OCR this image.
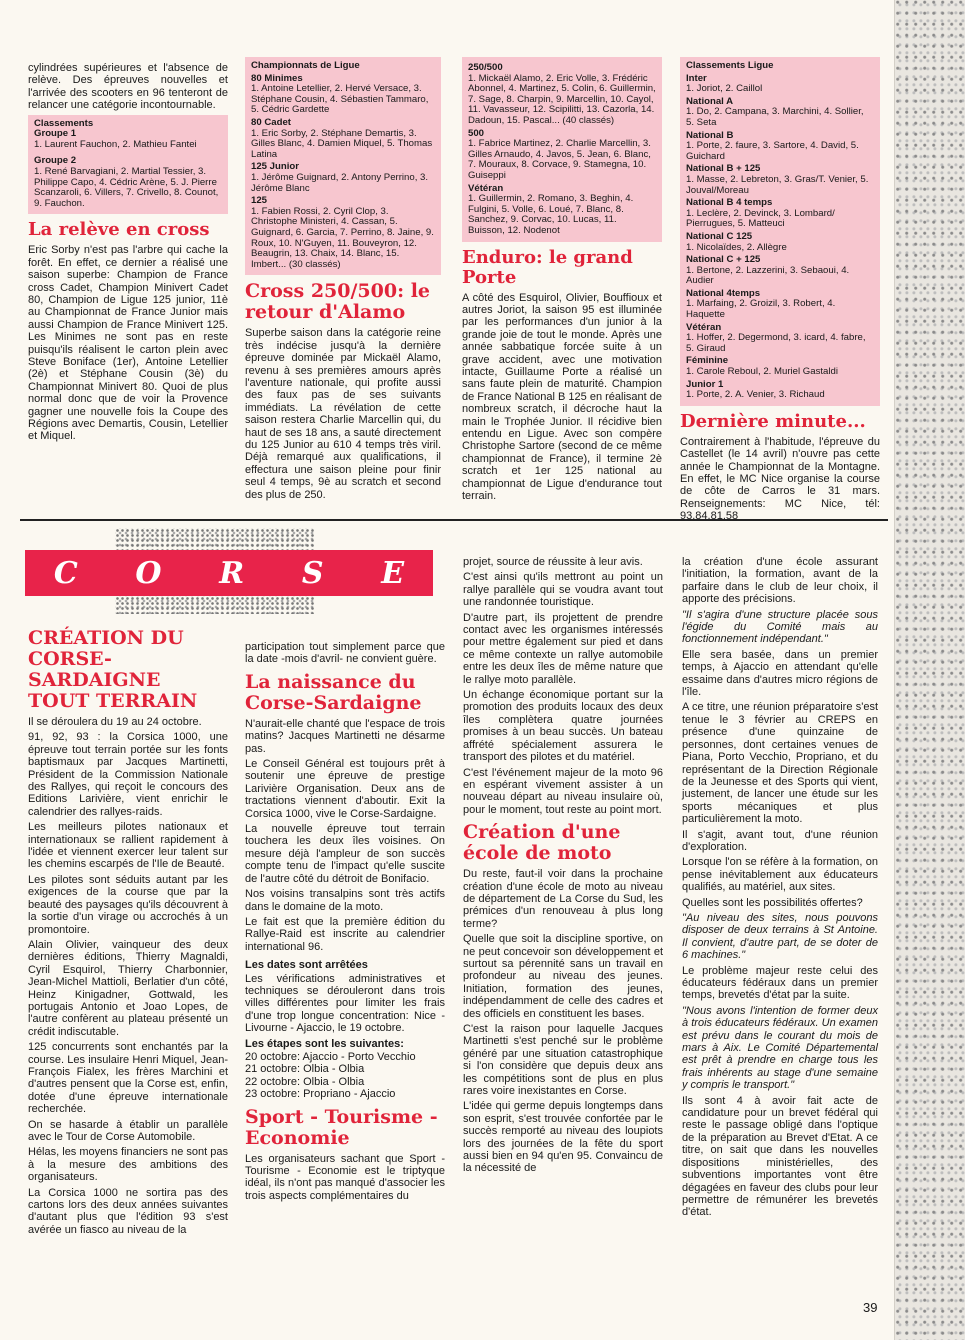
cylindrées supérieures et l'absence de relève. Des épreuves nouvelles et l'arrivée des scooters en 96 tenteront de relancer une catégorie incontournable.

Classements
Groupe 1
1. Laurent Fauchon, 2. Mathieu Fantei
Groupe 2
1. René Barvagiani, 2. Martial Tessier, 3. Philippe Capo, 4. Cédric Arène, 5. J. Pierre Scanzaroli, 6. Villers, 7. Crivello, 8. Counot, 9. Fauchon.
La relève en cross

Eric Sorby n'est pas l'arbre qui cache la forêt. En effet, ce dernier a réalisé une saison superbe: Champion de France cross Cadet, Champion Minivert Cadet 80, Champion de Ligue 125 junior, 11è au Championnat de France Junior mais aussi Champion de France Minivert 125. Les Minimes ne sont pas en reste puisqu'ils réalisent le carton plein avec Steve Boniface (1er), Antoine Letellier (2è) et Stéphane Cousin (3è) du Championnat Minivert 80. Quoi de plus normal donc que de voir la Provence gagner une nouvelle fois la Coupe des Régions avec Demartis, Cousin, Letellier et Miquel.

Championnats de Ligue
80 Minimes
1. Antoine Letellier, 2. Hervé Versace, 3. Stéphane Cousin, 4. Sébastien Tammaro, 5. Cédric Gardette
80 Cadet
1. Eric Sorby, 2. Stéphane Demartis, 3. Gilles Blanc, 4. Damien Miquel, 5. Thomas Latina
125 Junior
1. Jérôme Guignard, 2. Antony Perrino, 3. Jérôme Blanc
125
1. Fabien Rossi, 2. Cyril Clop, 3. Christophe Ministeri, 4. Cassan, 5. Guignard, 6. Garcia, 7. Perrino, 8. Jaine, 9. Roux, 10. N'Guyen, 11. Bouveyron, 12. Beaugrin, 13. Chaix, 14. Blanc, 15. Imbert... (30 classés)
Cross 250/500: le retour d'Alamo

Superbe saison dans la catégorie reine très indécise jusqu'à la dernière épreuve dominée par Mickaël Alamo, revenu à ses premières amours après l'aventure nationale, qui profite aussi des faux pas de ses suivants immédiats. La révélation de cette saison restera Charlie Marcellin qui, du haut de ses 18 ans, a sauté directement du 125 Junior au 610 4 temps très viril. Déjà remarqué aux qualifications, il effectura une saison pleine pour finir seul 4 temps, 9è au scratch et second des plus de 250.

250/500
1. Mickaël Alamo, 2. Eric Volle, 3. Frédéric Abonnel, 4. Martinez, 5. Colin, 6. Guillermin, 7. Sage, 8. Charpin, 9. Marcellin, 10. Cayol, 11. Vavasseur, 12. Scipilitti, 13. Cazorla, 14. Dadoun, 15. Pascal... (40 classés)
500
1. Fabrice Martinez, 2. Charlie Marcellin, 3. Gilles Arnaudo, 4. Javos, 5. Jean, 6. Blanc, 7. Mouraux, 8. Corvace, 9. Stamegna, 10. Guiseppi
Vétéran
1. Guillermin, 2. Romano, 3. Beghin, 4. Fulgini, 5. Volle, 6. Loué, 7. Blanc, 8. Sanchez, 9. Corvac, 10. Lucas, 11. Buisson, 12. Nodenot
Enduro: le grand Porte

A côté des Esquirol, Olivier, Bouffioux et autres Joriot, la saison 95 est illuminée par les performances d'un junior à la grande joie de tout le monde. Après une année sabbatique forcée suite à un grave accident, avec une motivation intacte, Guillaume Porte a réalisé un sans faute plein de maturité. Champion de France National B 125 en réalisant de nombreux scratch, il décroche haut la main le Trophée Junior. Il récidive bien entendu en Ligue. Avec son compère Christophe Sartore (second de ce même championnat de France), il termine 2è scratch et 1er 125 national au championnat de Ligue d'endurance tout terrain.

Classements Ligue
Inter
1. Joriot, 2. Caillol
National A
1. Do, 2. Campana, 3. Marchini, 4. Sollier, 5. Seta
National B
1. Porte, 2. faure, 3. Sartore, 4. David, 5. Guichard
National B + 125
1. Masse, 2. Lebreton, 3. Gras/T. Venier, 5. Jouval/Moreau
National B 4 temps
1. Leclère, 2. Devinck, 3. Lombard/ Pierrugues, 5. Matteuci
National C 125
1. Nicolaïdes, 2. Allègre
National C + 125
1. Bertone, 2. Lazzerini, 3. Sebaoui, 4. Audier
National 4temps
1. Marfaing, 2. Groizil, 3. Robert, 4. Haquette
Vétéran
1. Hoffer, 2. Degermond, 3. icard, 4. fabre, 5. Giraud
Féminine
1. Carole Reboul, 2. Muriel Gastaldi
Junior 1
1. Porte, 2. A. Venier, 3. Richaud
Dernière minute...

Contrairement à l'habitude, l'épreuve du Castellet (le 14 avril) n'ouvre pas cette année le Championnat de la Montagne. En effet, le MC Nice organise la course de côte de Carros le 31 mars. Renseignements: MC Nice, tél: 93.84.81.58

C O R S E
CRÉATION DU CORSE-SARDAIGNE TOUT TERRAIN

Il se déroulera du 19 au 24 octobre.

91, 92, 93 : la Corsica 1000, une épreuve tout terrain portée sur les fonts baptismaux par Jacques Martinetti, Président de la Commission Nationale des Rallyes, qui reçoit le concours des Editions Larivière, vient enrichir le calendrier des rallyes-raids.

Les meilleurs pilotes nationaux et internationaux se rallient rapidement à l'idée et viennent exercer leur talent sur les chemins escarpés de l'Ile de Beauté.

Les pilotes sont séduits autant par les exigences de la course que par la beauté des paysages qu'ils découvrent à la sortie d'un virage ou accrochés à un promontoire.

Alain Olivier, vainqueur des deux dernières éditions, Thierry Magnaldi, Cyril Esquirol, Thierry Charbonnier, Jean-Michel Mattioli, Berlatier d'un côté, Heinz Kinigadner, Gottwald, les portugais Antonio et Joao Lopes, de l'autre confèrent au plateau présenté un crédit indiscutable.

125 concurrents sont enchantés par la course. Les insulaire Henri Miquel, Jean-François Fialex, les frères Marchini et d'autres pensent que la Corse est, enfin, dotée d'une épreuve internationale recherchée.

On se hasarde à établir un parallèle avec le Tour de Corse Automobile.

Hélas, les moyens financiers ne sont pas à la mesure des ambitions des organisateurs.

La Corsica 1000 ne sortira pas des cartons lors des deux années suivantes d'autant plus que l'édition 93 s'est avérée un fiasco au niveau de la

participation tout simplement parce que la date -mois d'avril- ne convient guère.

La naissance du Corse-Sardaigne

N'aurait-elle chanté que l'espace de trois matins? Jacques Martinetti ne désarme pas.

Le Conseil Général est toujours prêt à soutenir une épreuve de prestige Larivière Organisation. Deux ans de tractations viennent d'aboutir. Exit la Corsica 1000, vive le Corse-Sardaigne.

La nouvelle épreuve tout terrain touchera les deux îles voisines. On mesure déjà l'ampleur de son succès compte tenu de l'impact qu'elle suscite de l'autre côté du détroit de Bonifacio.

Nos voisins transalpins sont très actifs dans le domaine de la moto.

Le fait est que la première édition du Rallye-Raid est inscrite au calendrier international 96.

Les dates sont arrêtées

Les vérifications administratives et techniques se dérouleront dans trois villes différentes pour limiter les frais d'une trop longue concentration: Nice - Livourne - Ajaccio, le 19 octobre.

Les étapes sont les suivantes:
20 octobre: Ajaccio - Porto Vecchio
21 octobre: Olbia - Olbia
22 octobre: Olbia - Olbia
23 octobre: Propriano - Ajaccio
Sport - Tourisme - Economie

Les organisateurs sachant que Sport - Tourisme - Economie est le triptyque idéal, ils n'ont pas manqué d'associer les trois aspects complémentaires du

projet, source de réussite à leur avis.

C'est ainsi qu'ils mettront au point un rallye parallèle qui se voudra avant tout une randonnée touristique.

D'autre part, ils projettent de prendre contact avec les organismes intéressés pour mettre également sur pied et dans ce même contexte un rallye automobile entre les deux îles de même nature que le rallye moto parallèle.

Un échange économique portant sur la promotion des produits locaux des deux îles complètera quatre journées promises à un beau succès. Un bateau affrété spécialement assurera le transport des pilotes et du matériel.

C'est l'événement majeur de la moto 96 en espérant vivement assister à un nouveau départ au niveau insulaire où, pour le moment, tout reste au point mort.

Création d'une école de moto

Du reste, faut-il voir dans la prochaine création d'une école de moto au niveau de département de La Corse du Sud, les prémices d'un renouveau à plus long terme?

Quelle que soit la discipline sportive, on ne peut concevoir son développement et surtout sa pérennité sans un travail en profondeur au niveau des jeunes. Initiation, formation des jeunes, indépendamment de celle des cadres et des officiels en constituent les bases.

C'est la raison pour laquelle Jacques Martinetti s'est penché sur le problème généré par une situation catastrophique si l'on considère que depuis deux ans les compétitions sont de plus en plus rares voire inexistantes en Corse.

L'idée qui germe depuis longtemps dans son esprit, s'est trouvée confortée par le succès remporté au niveau des loupiots lors des journées de la fête du sport aussi bien en 94 qu'en 95. Convaincu de la nécessité de

la création d'une école assurant l'initiation, la formation, avant de la parfaire dans le club de leur choix, il apporte des précisions.

"Il s'agira d'une structure placée sous l'égide du Comité mais au fonctionnement indépendant."

Elle sera basée, dans un premier temps, à Ajaccio en attendant qu'elle essaime dans d'autres micro régions de l'île.

A ce titre, une réunion préparatoire s'est tenue le 3 février au CREPS en présence d'une quinzaine de personnes, dont certaines venues de Piana, Porto Vecchio, Propriano, et du représentant de la Direction Régionale de la Jeunesse et des Sports qui vient, justement, de lancer une étude sur les sports mécaniques et plus particulièrement la moto.

Il s'agit, avant tout, d'une réunion d'exploration.

Lorsque l'on se réfère à la formation, on pense inévitablement aux éducateurs qualifiés, au matériel, aux sites.

Quelles sont les possibilités offertes?

"Au niveau des sites, nous pouvons disposer de deux terrains à St Antoine. Il convient, d'autre part, de se doter de 6 machines."

Le problème majeur reste celui des éducateurs fédéraux dans un premier temps, brevetés d'état par la suite.

"Nous avons l'intention de former deux à trois éducateurs fédéraux. Un examen est prévu dans le courant du mois de mars à Aix. Le Comité Départemental est prêt à prendre en charge tous les frais inhérents au stage d'une semaine y compris le transport."

Ils sont 4 à avoir fait acte de candidature pour un brevet fédéral qui reste le passage obligé dans l'optique de la préparation au Brevet d'Etat. A ce titre, on sait que dans les nouvelles dispositions ministérielles, des subventions importantes vont être dégagées en faveur des clubs pour leur permettre de rémunérer les brevetés d'état.

39
